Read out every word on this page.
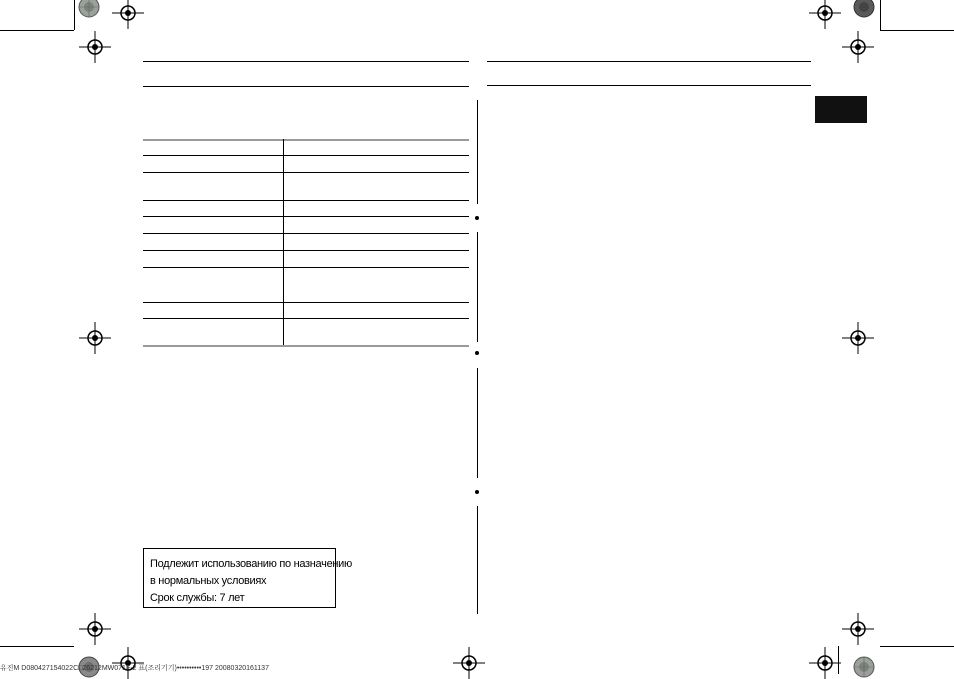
Подлежит использованию по назначению
в нормальных условиях
Срок службы: 7 лет
유진M D080427154022C□26212MW071F-2 표(조리기기)••••••••••197 20080320161137
